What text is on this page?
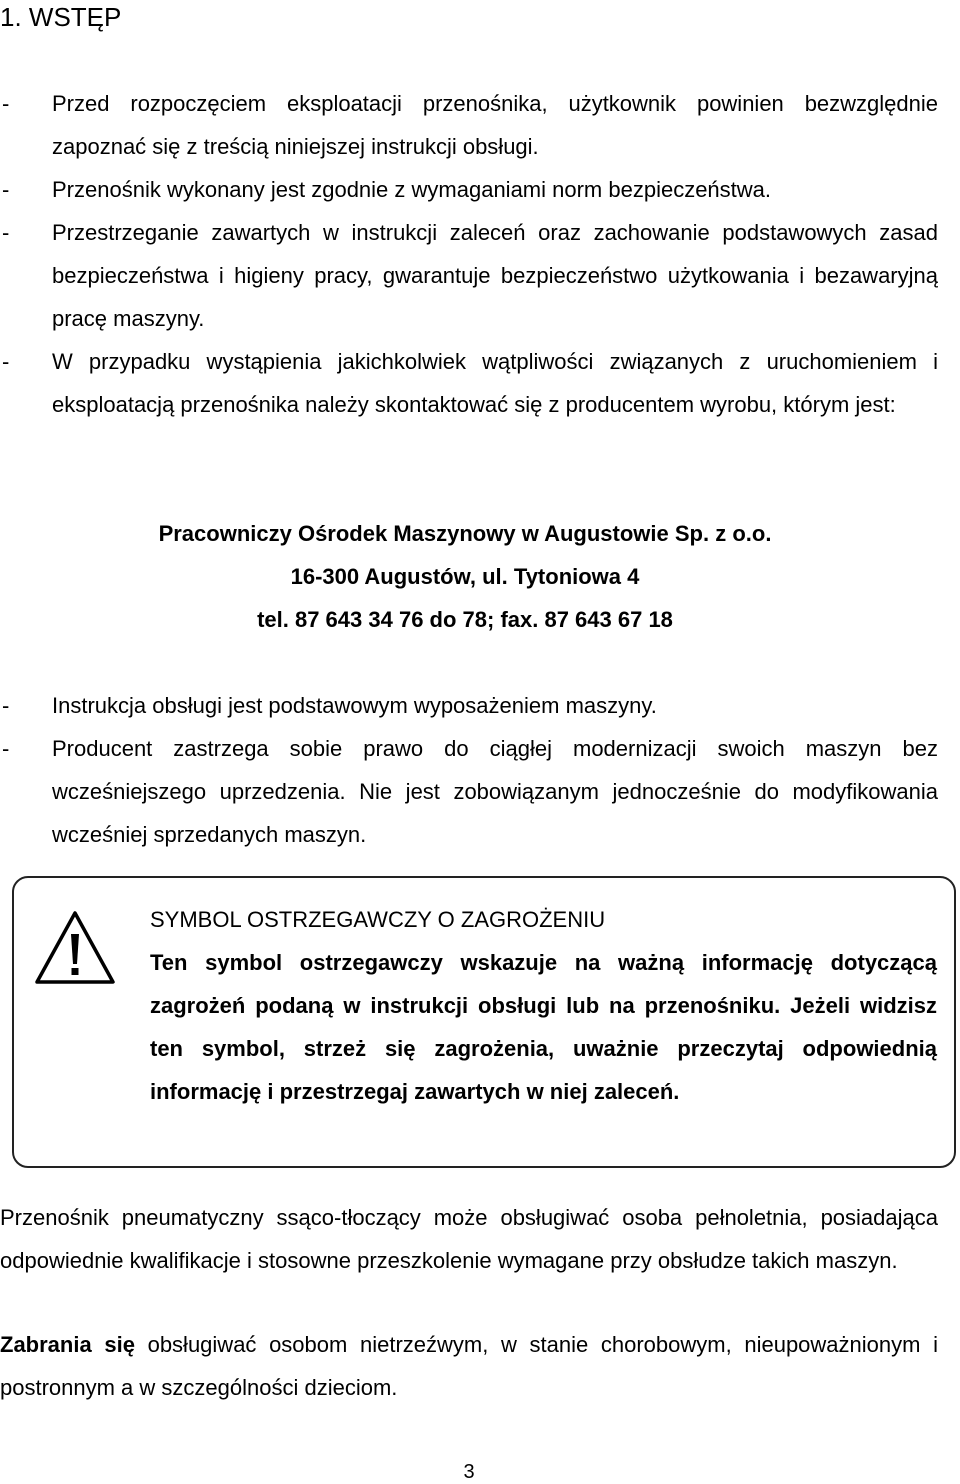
1. WSTĘP
- Przed rozpoczęciem eksploatacji przenośnika, użytkownik powinien bezwzględnie zapoznać się z treścią niniejszej instrukcji obsługi.
- Przenośnik wykonany jest zgodnie z wymaganiami norm bezpieczeństwa.
- Przestrzeganie zawartych w instrukcji zaleceń oraz zachowanie podstawowych zasad bezpieczeństwa i higieny pracy, gwarantuje bezpieczeństwo użytkowania i bezawaryjną pracę maszyny.
- W przypadku wystąpienia jakichkolwiek wątpliwości związanych z uruchomieniem i eksploatacją przenośnika należy skontaktować się z producentem wyrobu, którym jest:
Pracowniczy Ośrodek Maszynowy w Augustowie Sp. z o.o.
16-300 Augustów, ul. Tytoniowa 4
tel. 87 643 34 76 do 78; fax. 87 643 67 18
- Instrukcja obsługi jest podstawowym wyposażeniem maszyny.
- Producent zastrzega sobie prawo do ciągłej modernizacji swoich maszyn bez wcześniejszego uprzedzenia. Nie jest zobowiązanym jednocześnie do modyfikowania wcześniej sprzedanych maszyn.

SYMBOL OSTRZEGAWCZY O ZAGROŻENIU

Ten symbol ostrzegawczy wskazuje na ważną informację dotyczącą zagrożeń podaną w instrukcji obsługi lub na przenośniku. Jeżeli widzisz ten symbol, strzeż się zagrożenia, uważnie przeczytaj odpowiednią informację i przestrzegaj zawartych w niej zaleceń.

Przenośnik pneumatyczny ssąco-tłoczący może obsługiwać osoba pełnoletnia, posiadająca odpowiednie kwalifikacje i stosowne przeszkolenie wymagane przy obsłudze takich maszyn.

Zabrania się obsługiwać osobom nietrzeźwym, w stanie chorobowym, nieupoważnionym i postronnym a w szczególności dzieciom.

3
